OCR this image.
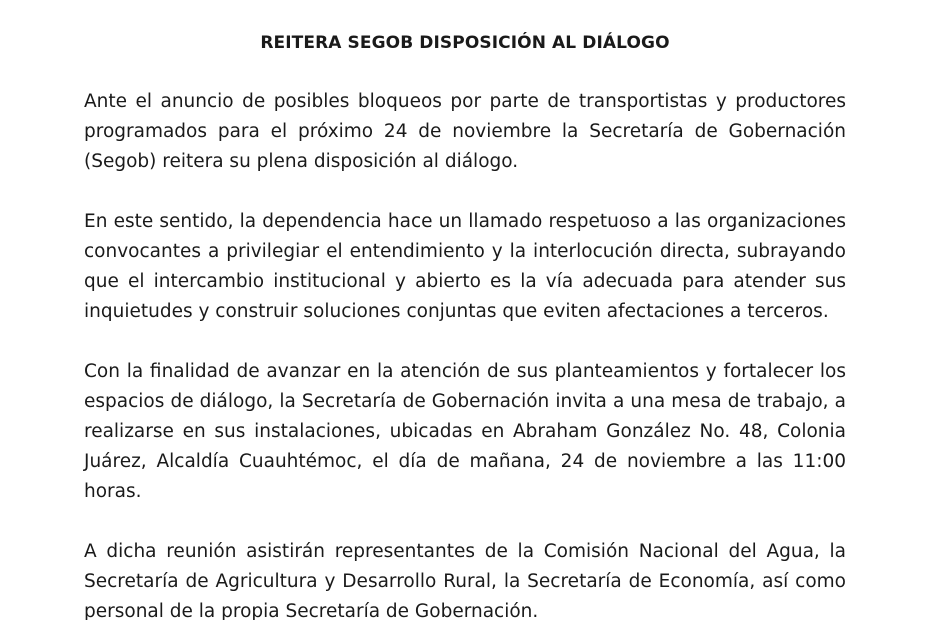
REITERA SEGOB DISPOSICIÓN AL DIÁLOGO

Ante el anuncio de posibles bloqueos por parte de transportistas y productores programados para el próximo 24 de noviembre la Secretaría de Gobernación (Segob) reitera su plena disposición al diálogo.

En este sentido, la dependencia hace un llamado respetuoso a las organizaciones convocantes a privilegiar el entendimiento y la interlocución directa, subrayando que el intercambio institucional y abierto es la vía adecuada para atender sus inquietudes y construir soluciones conjuntas que eviten afectaciones a terceros.

Con la finalidad de avanzar en la atención de sus planteamientos y fortalecer los espacios de diálogo, la Secretaría de Gobernación invita a una mesa de trabajo, a realizarse en sus instalaciones, ubicadas en Abraham González No. 48, Colonia Juárez, Alcaldía Cuauhtémoc, el día de mañana, 24 de noviembre a las 11:00 horas.

A dicha reunión asistirán representantes de la Comisión Nacional del Agua, la Secretaría de Agricultura y Desarrollo Rural, la Secretaría de Economía, así como personal de la propia Secretaría de Gobernación.
